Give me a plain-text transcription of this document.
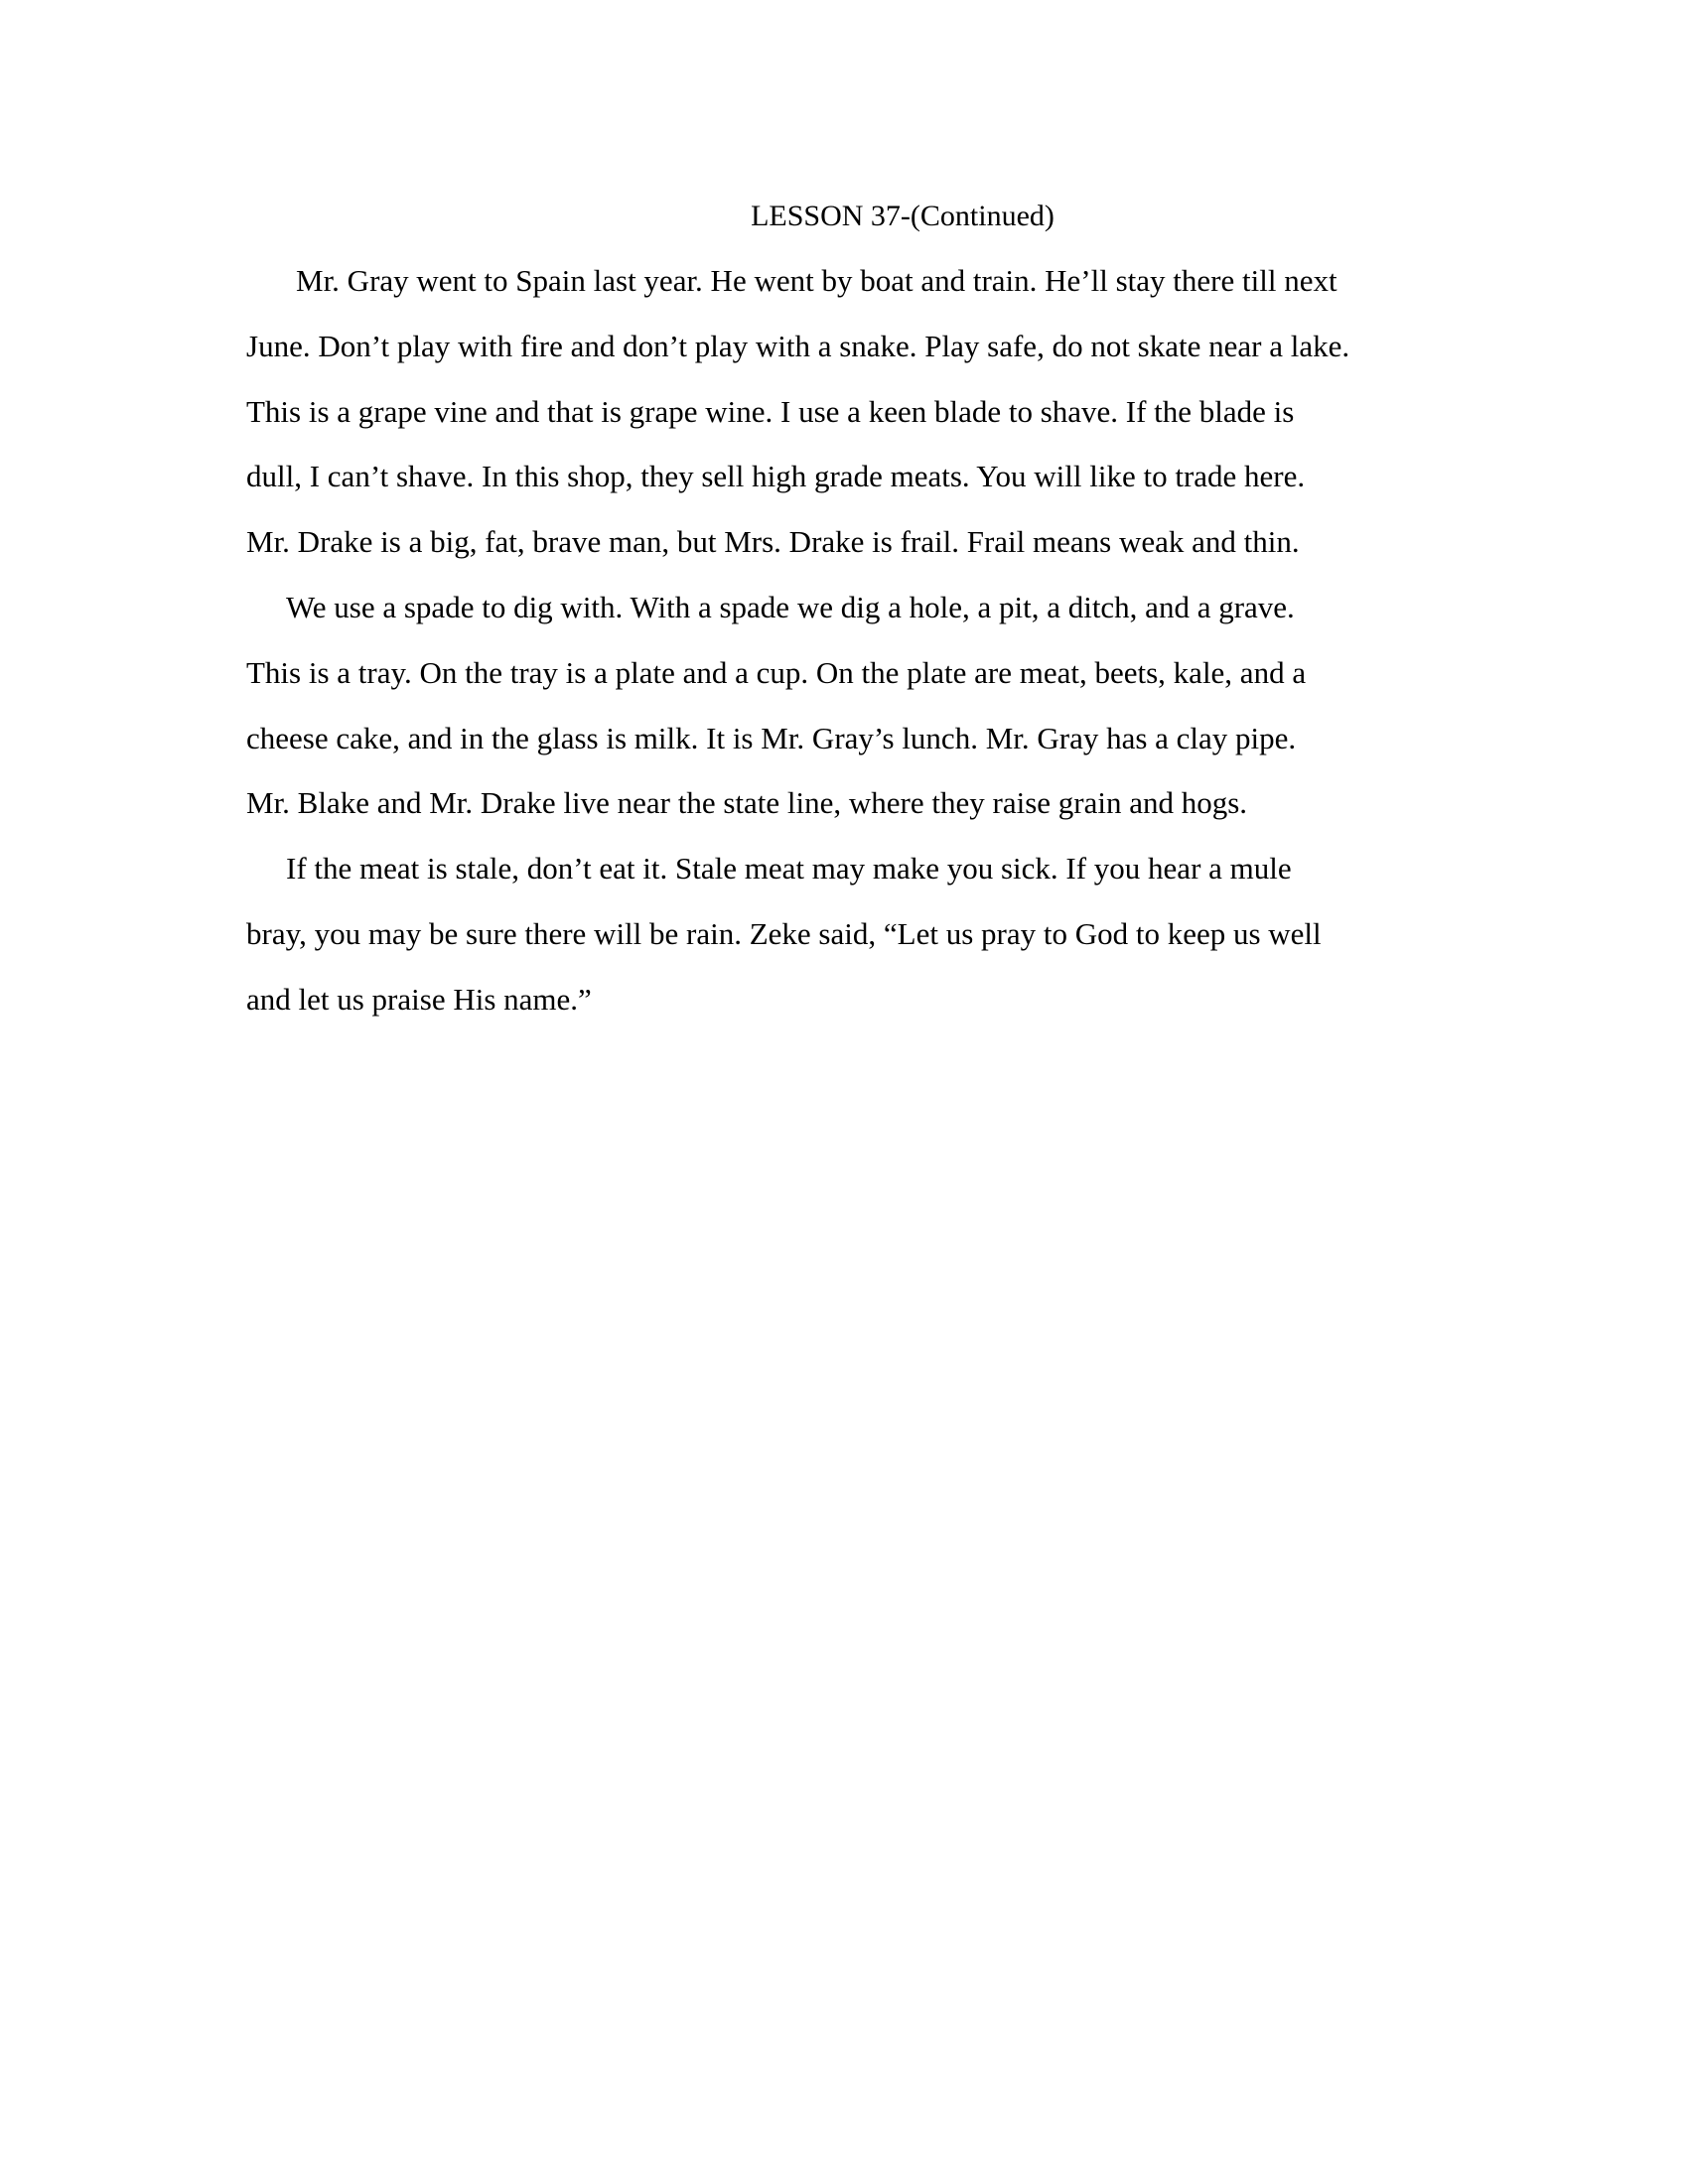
LESSON 37-(Continued)
Mr. Gray went to Spain last year. He went by boat and train. He’ll stay there till next
June. Don’t play with fire and don’t play with a snake. Play safe, do not skate near a lake.
This is a grape vine and that is grape wine. I use a keen blade to shave. If the blade is
dull, I can’t shave. In this shop, they sell high grade meats. You will like to trade here.
Mr. Drake is a big, fat, brave man, but Mrs. Drake is frail. Frail means weak and thin.
We use a spade to dig with. With a spade we dig a hole, a pit, a ditch, and a grave.
This is a tray. On the tray is a plate and a cup. On the plate are meat, beets, kale, and a
cheese cake, and in the glass is milk. It is Mr. Gray’s lunch. Mr. Gray has a clay pipe.
Mr. Blake and Mr. Drake live near the state line, where they raise grain and hogs.
If the meat is stale, don’t eat it. Stale meat may make you sick. If you hear a mule
bray, you may be sure there will be rain. Zeke said, “Let us pray to God to keep us well
and let us praise His name.”
